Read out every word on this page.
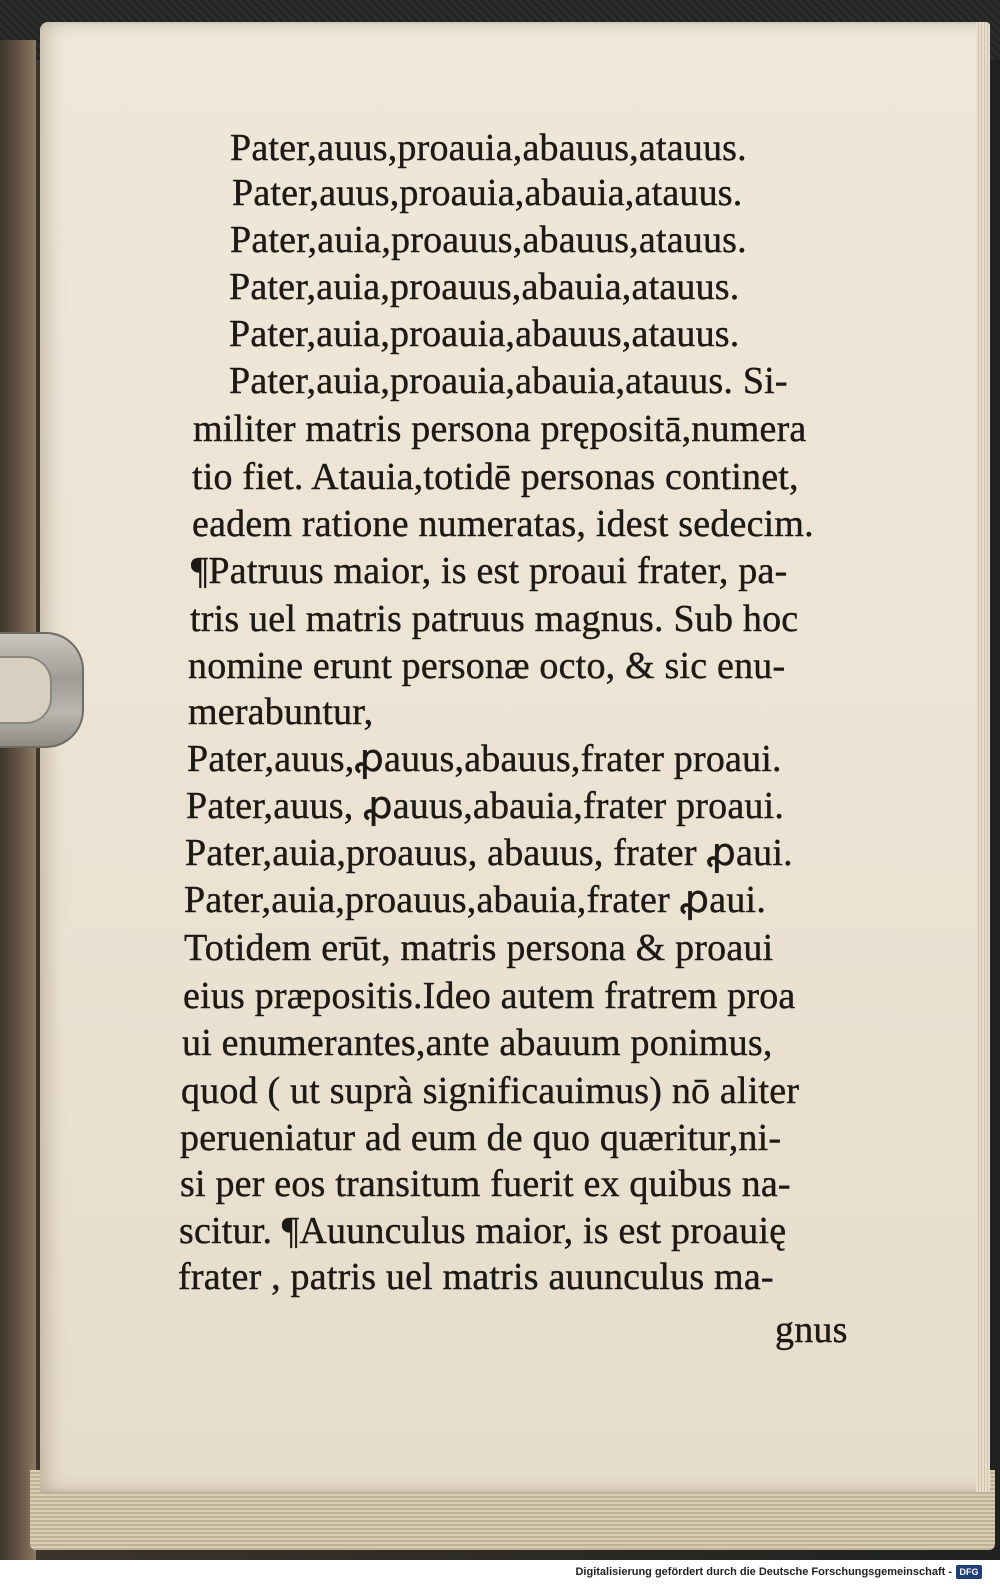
Pater,auus,proauia,abauus,atauus.
Pater,auus,proauia,abauia,atauus.
Pater,auia,proauus,abauus,atauus.
Pater,auia,proauus,abauia,atauus.
Pater,auia,proauia,abauus,atauus.
Pater,auia,proauia,abauia,atauus. Si-
militer matris persona prępositā,numera
tio fiet. Atauia,totidē personas continet,
eadem ratione numeratas, idest sedecim.
¶Patruus maior, is est proaui frater, pa-
tris uel matris patruus magnus. Sub hoc
nomine erunt personæ octo, & sic enu-
merabuntur,
Pater,auus,ꝓauus,abauus,frater proaui.
Pater,auus, ꝓauus,abauia,frater proaui.
Pater,auia,proauus, abauus, frater ꝓaui.
Pater,auia,proauus,abauia,frater ꝓaui.
Totidem erūt, matris persona & proaui
eius præpositis.Ideo autem fratrem proa
ui enumerantes,ante abauum ponimus,
quod ( ut suprà significauimus) nō aliter
perueniatur ad eum de quo quæritur,ni-
si per eos transitum fuerit ex quibus na-
scitur. ¶Auunculus maior, is est proauię
frater , patris uel matris auunculus ma-
gnus
Digitalisierung gefördert durch die Deutsche Forschungsgemeinschaft - DFG
